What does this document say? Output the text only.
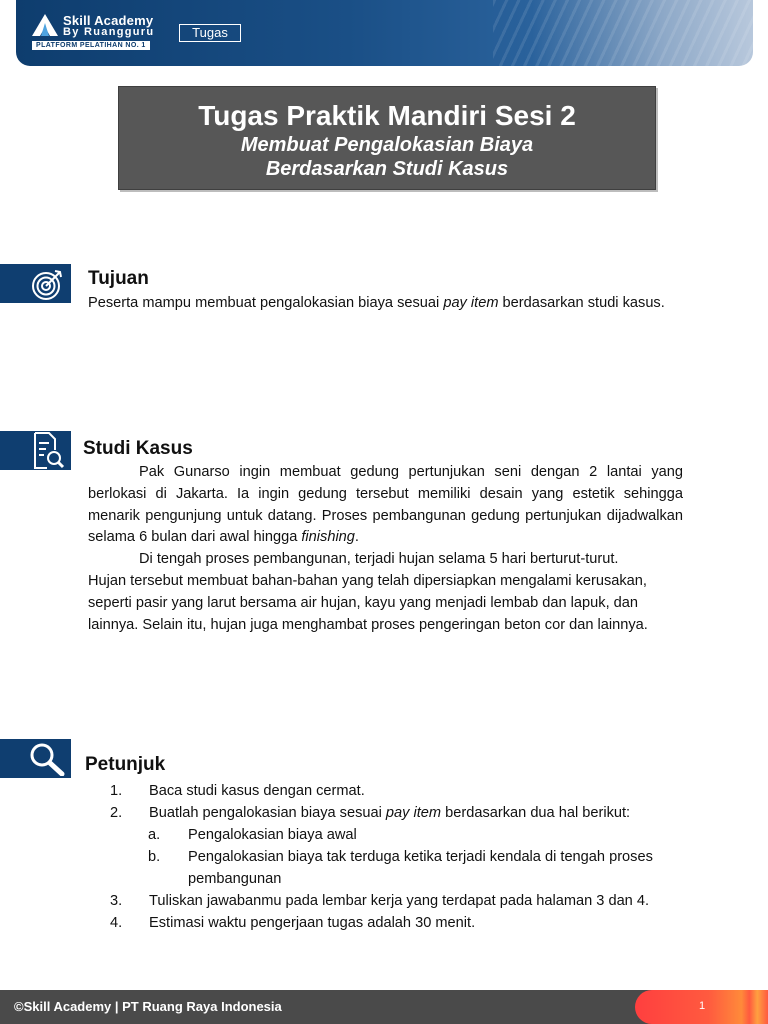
Skill Academy
By Ruangguru
PLATFORM PELATIHAN NO. 1
Tugas
Tugas Praktik Mandiri Sesi 2
Membuat Pengalokasian Biaya
Berdasarkan Studi Kasus
Tujuan

Peserta mampu membuat pengalokasian biaya sesuai pay item berdasarkan studi kasus.

Studi Kasus

Pak Gunarso ingin membuat gedung pertunjukan seni dengan 2 lantai yang berlokasi di Jakarta. Ia ingin gedung tersebut memiliki desain yang estetik sehingga menarik pengunjung untuk datang. Proses pembangunan gedung pertunjukan dijadwalkan selama 6 bulan dari awal hingga finishing.

Di tengah proses pembangunan, terjadi hujan selama 5 hari berturut-turut.

Hujan tersebut membuat bahan-bahan yang telah dipersiapkan mengalami kerusakan, seperti pasir yang larut bersama air hujan, kayu yang menjadi lembab dan lapuk, dan lainnya. Selain itu, hujan juga menghambat proses pengeringan beton cor dan lainnya.

Petunjuk
1. Baca studi kasus dengan cermat.
2. Buatlah pengalokasian biaya sesuai pay item berdasarkan dua hal berikut:
a. Pengalokasian biaya awal
b. Pengalokasian biaya tak terduga ketika terjadi kendala di tengah proses pembangunan
3. Tuliskan jawabanmu pada lembar kerja yang terdapat pada halaman 3 dan 4.
4. Estimasi waktu pengerjaan tugas adalah 30 menit.
©Skill Academy | PT Ruang Raya Indonesia	1
